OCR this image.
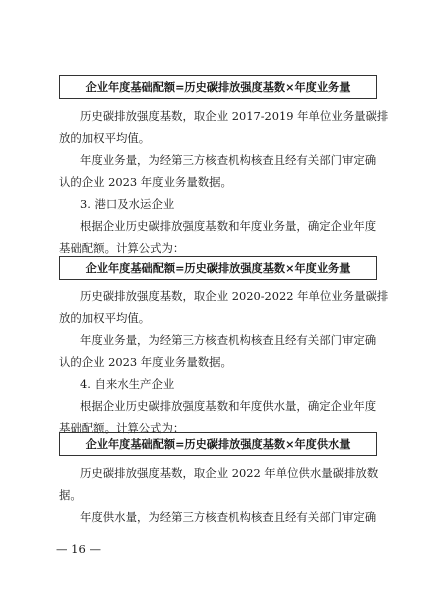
企业年度基础配额=历史碳排放强度基数×年度业务量
历史碳排放强度基数，取企业 2017-2019 年单位业务量碳排
放的加权平均值。
年度业务量，为经第三方核查机构核查且经有关部门审定确
认的企业 2023 年度业务量数据。
3. 港口及水运企业
根据企业历史碳排放强度基数和年度业务量，确定企业年度
基础配额。计算公式为：
企业年度基础配额=历史碳排放强度基数×年度业务量
历史碳排放强度基数，取企业 2020-2022 年单位业务量碳排
放的加权平均值。
年度业务量，为经第三方核查机构核查且经有关部门审定确
认的企业 2023 年度业务量数据。
4. 自来水生产企业
根据企业历史碳排放强度基数和年度供水量，确定企业年度
基础配额。计算公式为：
企业年度基础配额=历史碳排放强度基数×年度供水量
历史碳排放强度基数，取企业 2022 年单位供水量碳排放数
据。
年度供水量，为经第三方核查机构核查且经有关部门审定确
— 16 —
